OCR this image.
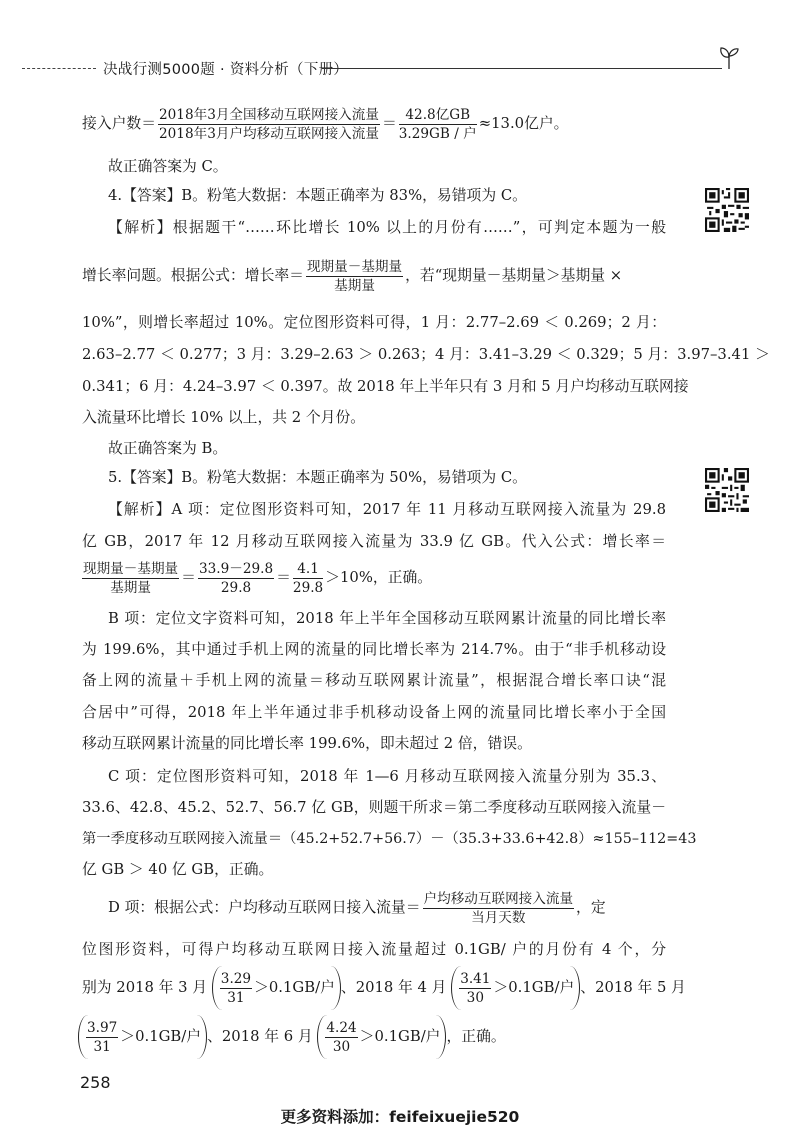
决战行测5000题 · 资料分析（下册）
接入户数＝ $\frac{\text{2018年3月全国移动互联网接入流量}}{\text{2018年3月户均移动互联网接入流量}} = \frac{\text{42.8亿GB}}{\text{3.29GB / 户}} \approx 13.0$亿户。
故正确答案为 C。
4.【答案】B。粉笔大数据：本题正确率为 83%，易错项为 C。
【解析】根据题干“……环比增长 10% 以上的月份有……”，可判定本题为一般
增长率问题。根据公式：增长率＝ $\frac{\text{现期量－基期量}}{\text{基期量}}$ ，若“现期量－基期量＞基期量 ×
10%”，则增长率超过 10%。定位图形资料可得，1 月：2.77–2.69 ＜ 0.269；2 月：
2.63–2.77 ＜ 0.277；3 月：3.29–2.63 ＞ 0.263；4 月：3.41–3.29 ＜ 0.329；5 月：3.97–3.41 ＞
0.341；6 月：4.24–3.97 ＜ 0.397。故 2018 年上半年只有 3 月和 5 月户均移动互联网接
入流量环比增长 10% 以上，共 2 个月份。
故正确答案为 B。
5.【答案】B。粉笔大数据：本题正确率为 50%，易错项为 C。
【解析】A 项：定位图形资料可知，2017 年 11 月移动互联网接入流量为 29.8
亿 GB，2017 年 12 月移动互联网接入流量为 33.9 亿 GB。代入公式：增长率＝
$\frac{\text{现期量－基期量}}{\text{基期量}} = \frac{33.9-29.8}{29.8} = \frac{4.1}{29.8} >10\%$，正确。
B 项：定位文字资料可知，2018 年上半年全国移动互联网累计流量的同比增长率
为 199.6%，其中通过手机上网的流量的同比增长率为 214.7%。由于“非手机移动设
备上网的流量＋手机上网的流量＝移动互联网累计流量”，根据混合增长率口诀“混
合居中”可得，2018 年上半年通过非手机移动设备上网的流量同比增长率小于全国
移动互联网累计流量的同比增长率 199.6%，即未超过 2 倍，错误。
C 项：定位图形资料可知，2018 年 1—6 月移动互联网接入流量分别为 35.3、
33.6、42.8、45.2、52.7、56.7 亿 GB，则题干所求＝第二季度移动互联网接入流量－
第一季度移动互联网接入流量＝（45.2+52.7+56.7）－（35.3+33.6+42.8）≈155–112=43
亿 GB ＞ 40 亿 GB，正确。
D 项：根据公式：户均移动互联网日接入流量＝ $\frac{\text{户均移动互联网接入流量}}{\text{当月天数}}$ ，定
位图形资料，可得户均移动互联网日接入流量超过 0.1GB/ 户的月份有 4 个，分
别为 2018 年 3 月 $\frac{3.29}{31} >0.1GB/$户 、2018 年 4 月 $\frac{3.41}{30} >0.1GB/$户 、2018 年 5 月
$\frac{3.97}{31} >0.1GB/$户 、2018 年 6 月 $\frac{4.24}{30} >0.1GB/$户 ，正确。
258
更多资料添加：feifeixuejie520
